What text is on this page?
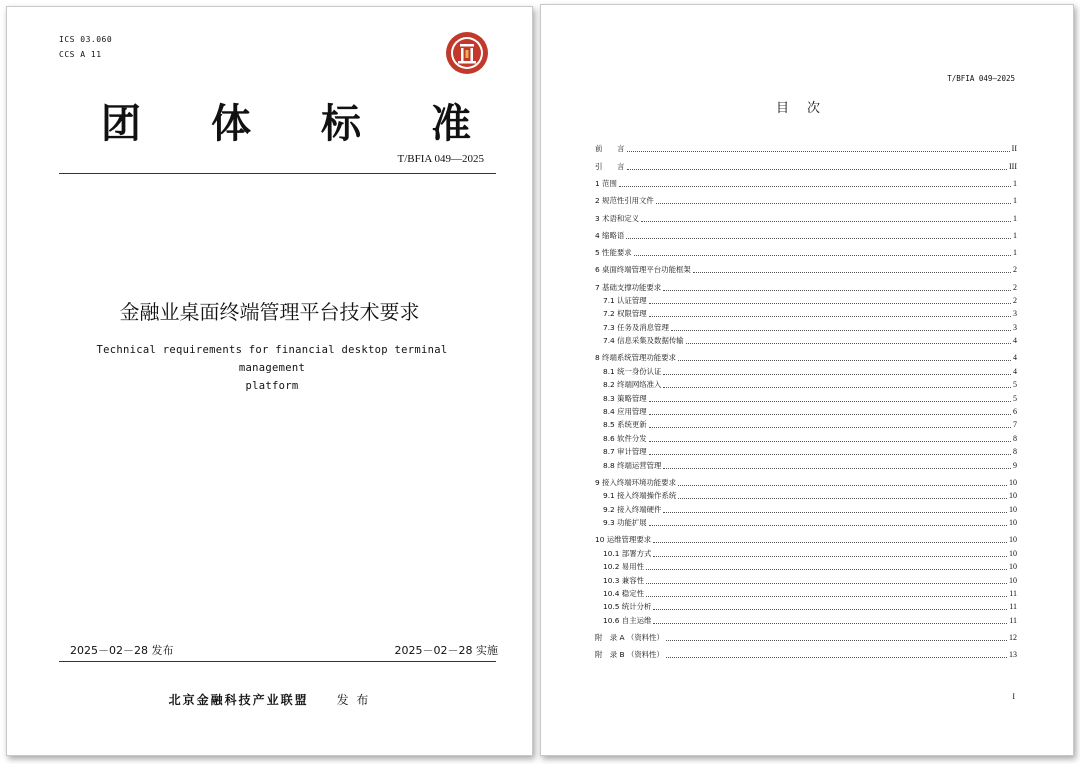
ICS 03.060
CCS A 11
团 体 标 准
T/BFIA 049—2025
金融业桌面终端管理平台技术要求
Technical requirements for financial desktop terminal management
platform
2025－02－28 发布	2025－02－28 实施
北京金融科技产业联盟 发 布
T/BFIA 049—2025
目次
前　　言	II
引　　言	III
1 范围	1
2 规范性引用文件	1
3 术语和定义	1
4 缩略语	1
5 性能要求	1
6 桌面终端管理平台功能框架	2
7 基础支撑功能要求	2
7.1 认证管理	2
7.2 权限管理	3
7.3 任务及消息管理	3
7.4 信息采集及数据传输	4
8 终端系统管理功能要求	4
8.1 统一身份认证	4
8.2 终端网络准入	5
8.3 策略管理	5
8.4 应用管理	6
8.5 系统更新	7
8.6 软件分发	8
8.7 审计管理	8
8.8 终端运营管理	9
9 接入终端环境功能要求	10
9.1 接入终端操作系统	10
9.2 接入终端硬件	10
9.3 功能扩展	10
10 运维管理要求	10
10.1 部署方式	10
10.2 易用性	10
10.3 兼容性	10
10.4 稳定性	11
10.5 统计分析	11
10.6 自主运维	11
附　录 A （资料性）	12
附　录 B （资料性）	13
I
